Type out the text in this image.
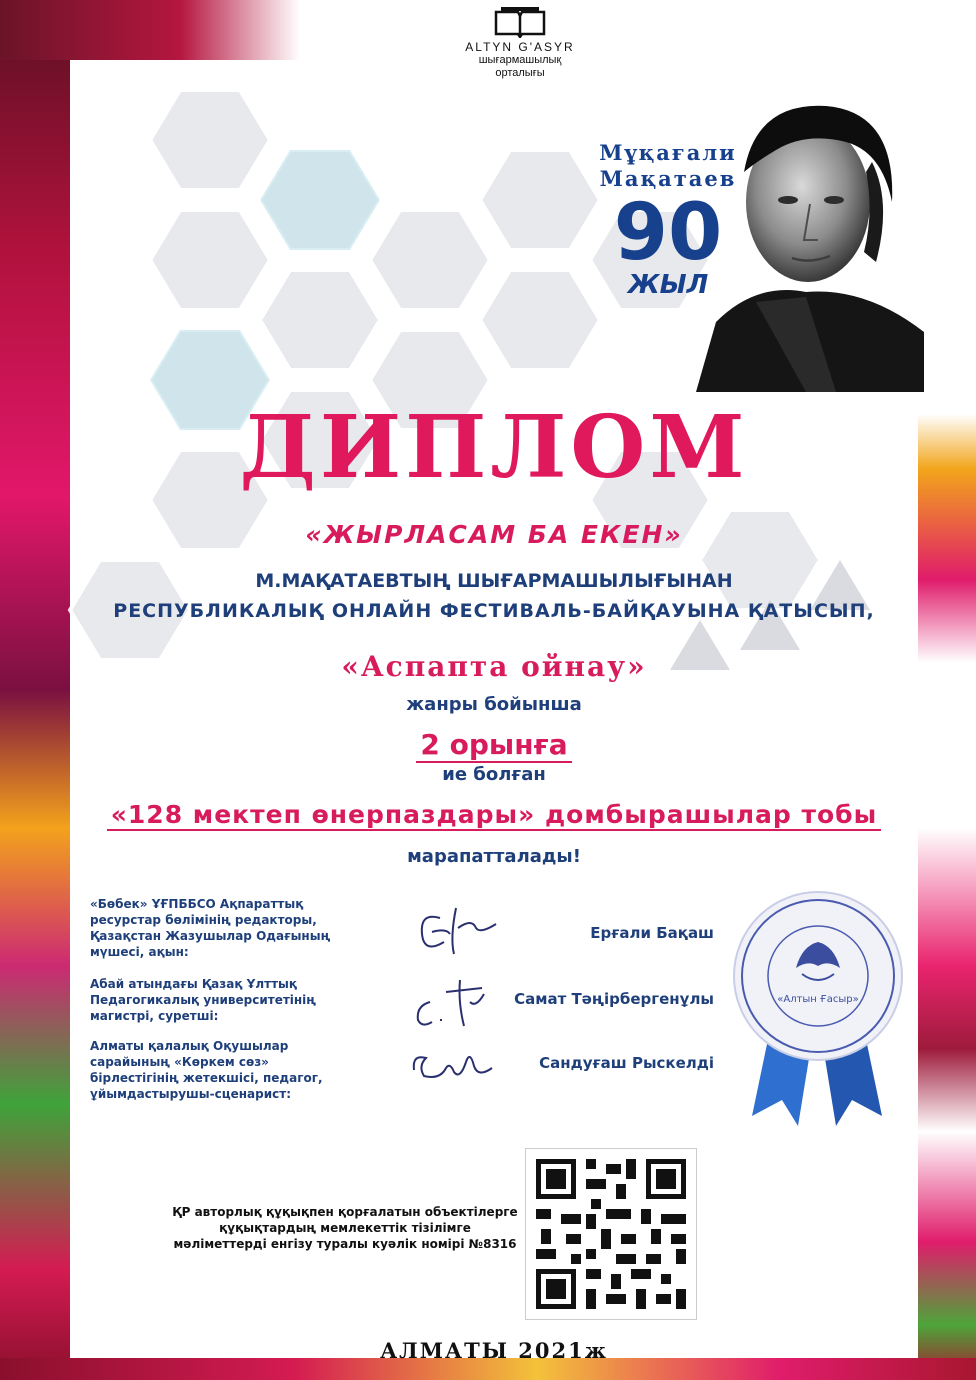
ALTYN G'ASYR
шығармашылық
орталығы
Мұқағали
Мақатаев
90
ЖЫЛ
ДИПЛОМ
«ЖЫРЛАСАМ БА ЕКЕН»
М.МАҚАТАЕВТЫҢ ШЫҒАРМАШЫЛЫҒЫНАН
РЕСПУБЛИКАЛЫҚ ОНЛАЙН ФЕСТИВАЛЬ-БАЙҚАУЫНА ҚАТЫСЫП,
«Аспапта ойнау»
жанры бойынша
2 орынға
ие болған
«128 мектеп өнерпаздары» домбырашылар тобы
марапатталады!
«Бөбек» ҰҒПББСО Ақпараттық ресурстар бөлімінің редакторы, Қазақстан Жазушылар Одағының мүшесі, ақын:
Абай атындағы Қазақ Ұлттық Педагогикалық университетінің магистрі, суретші:
Алматы қалалық Оқушылар сарайының «Көркем сөз» бірлестігінің жетекшісі, педагог, ұйымдастырушы-сценарист:
Ерғали Бақаш
Самат Тәңірбергенұлы
Сандуғаш Рыскелді
«Алтын Ғасыр»
ҚР авторлық құқықпен қорғалатын объектілерге құқықтардың мемлекеттік тізілімге мәліметтерді енгізу туралы куәлік номірі №8316
АЛМАТЫ 2021ж
